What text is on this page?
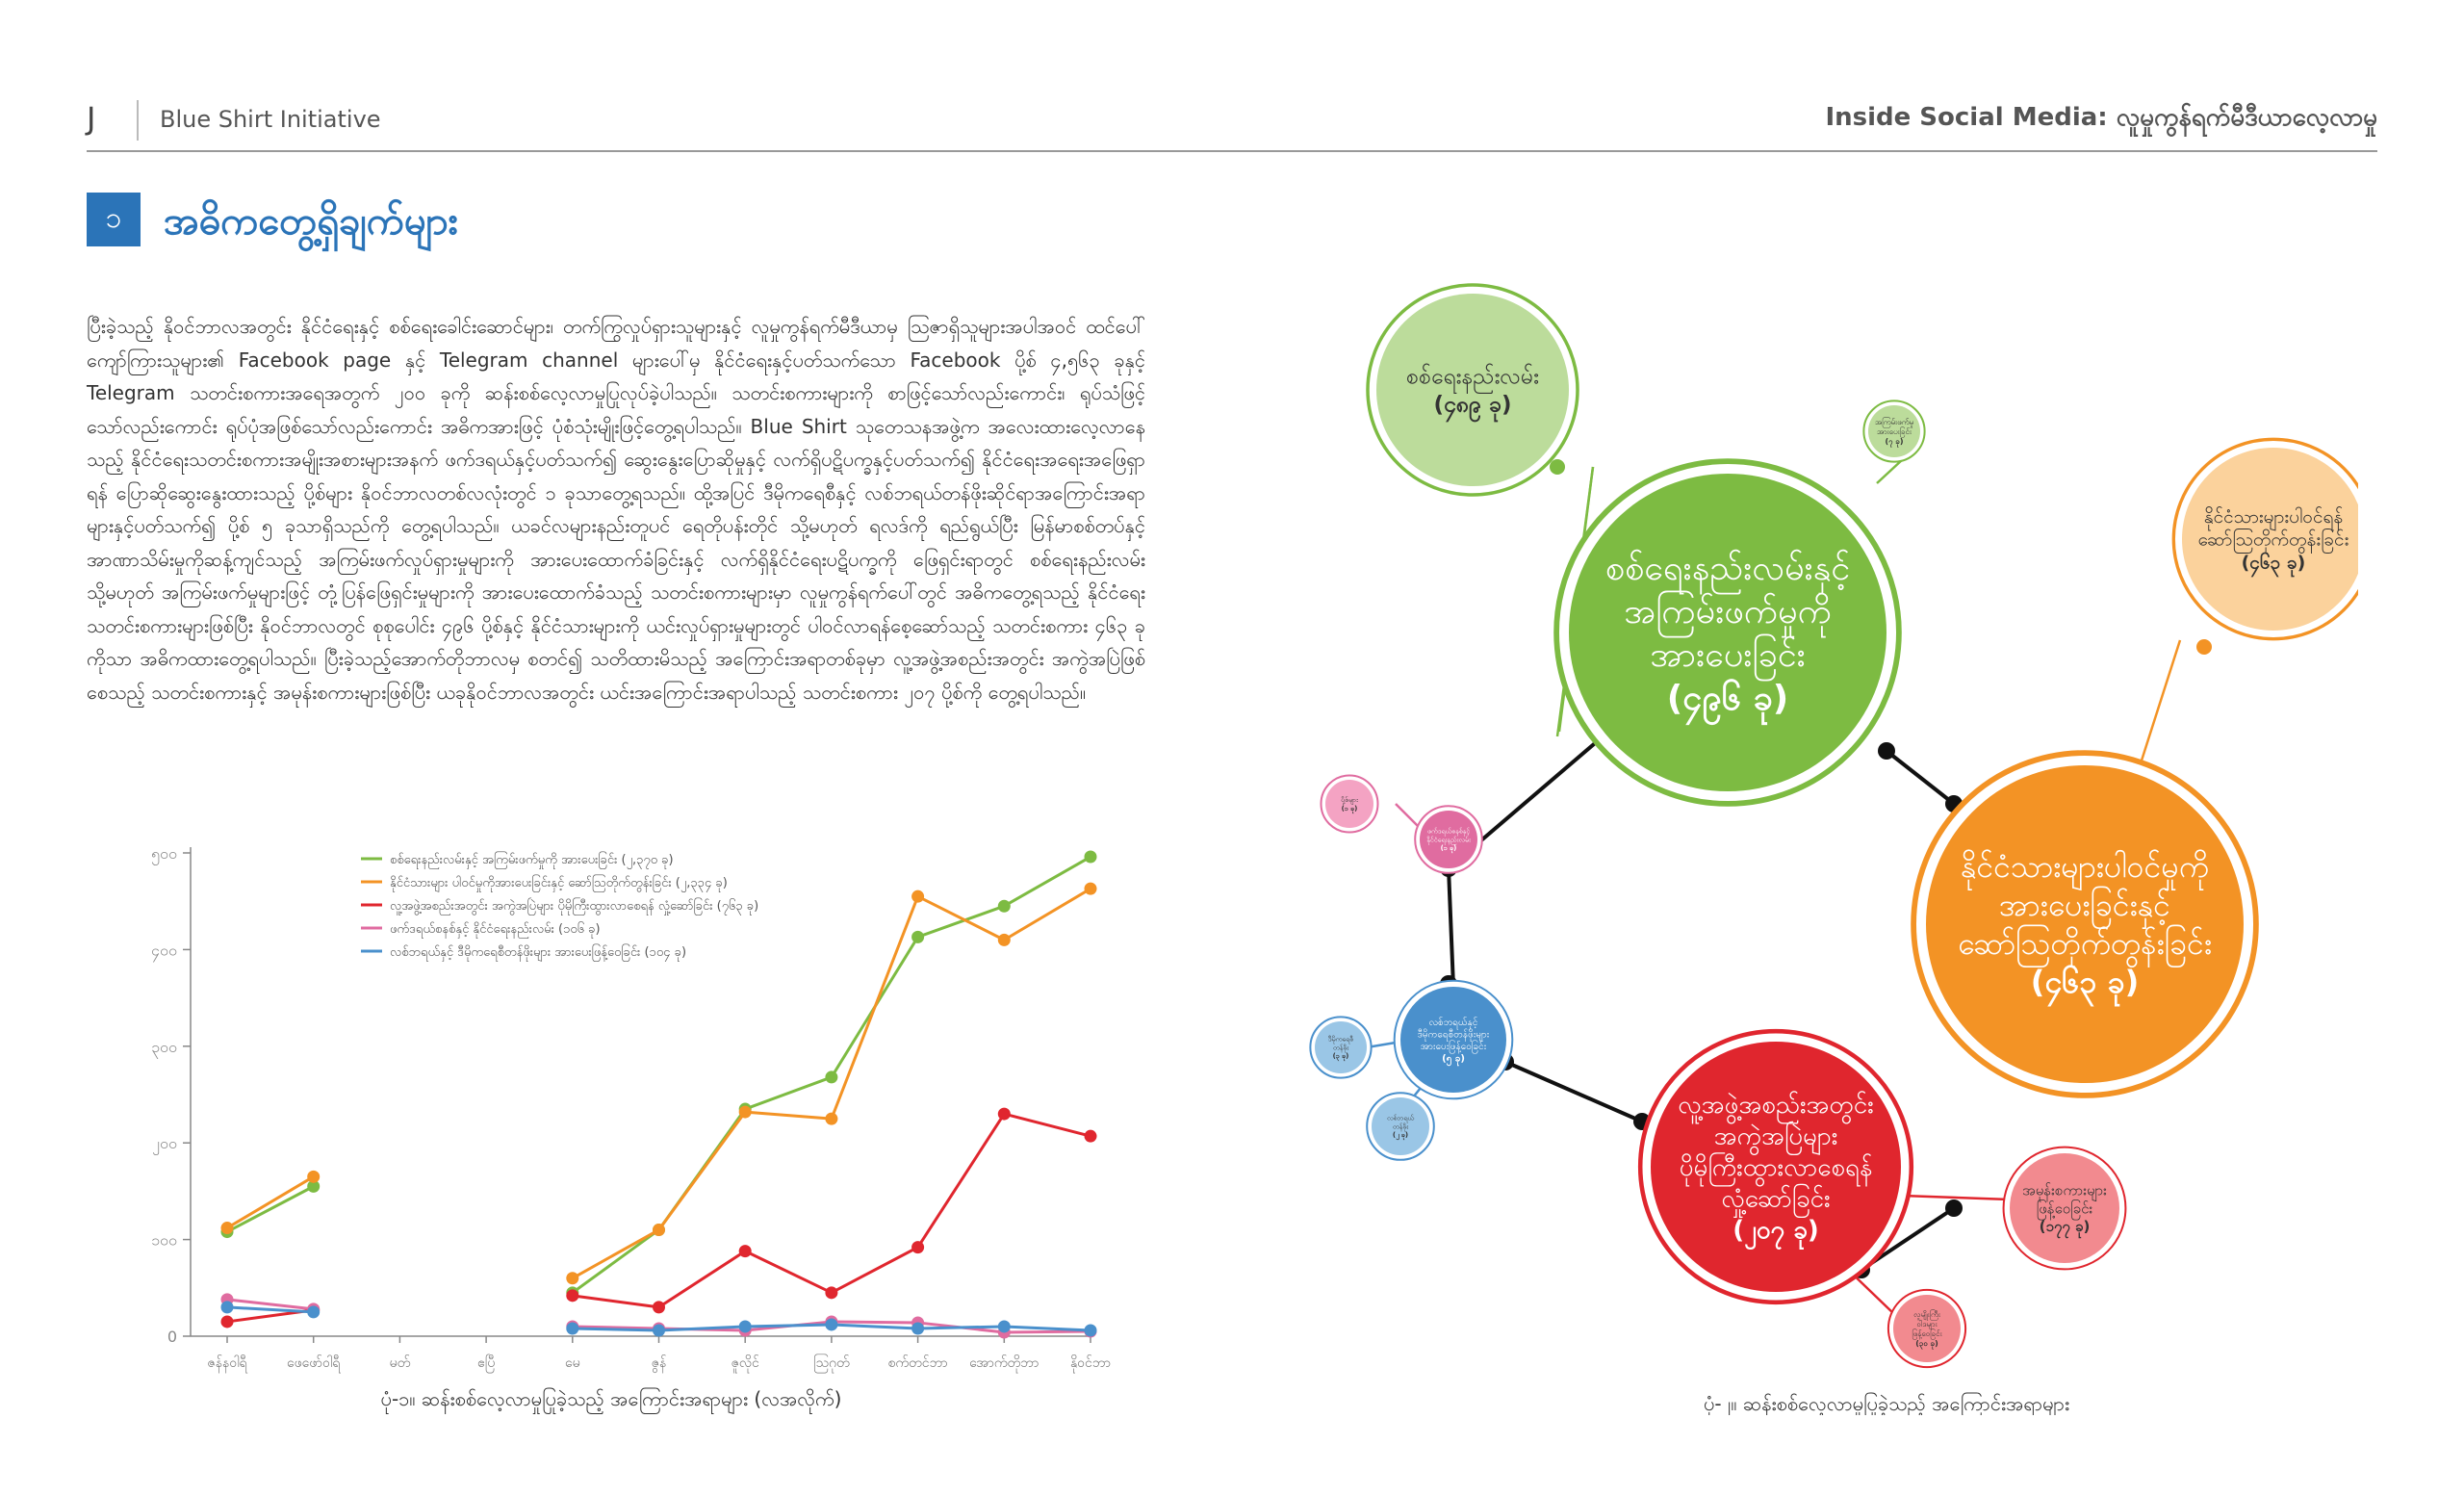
J	Blue Shirt Initiative	Inside Social Media: လူမှုကွန်ရက်မီဒီယာလေ့လာမှု
၁ အဓိကတွေ့ရှိချက်များ

ပြီးခဲ့သည့် နိုဝင်ဘာလအတွင်း နိုင်ငံရေးနှင့် စစ်ရေးခေါင်းဆောင်များ၊ တက်ကြွလှုပ်ရှားသူများနှင့် လူမှုကွန်ရက်မီဒီယာမှ ဩဇာရှိသူများအပါအဝင် ထင်ပေါ်ကျော်ကြားသူများ၏ Facebook page နှင့် Telegram channel များပေါ်မှ နိုင်ငံရေးနှင့်ပတ်သက်သော Facebook ပို့စ် ၄,၅၆၃ ခုနှင့် Telegram သတင်းစကားအရေအတွက် ၂၀၀ ခုကို ဆန်းစစ်လေ့လာမှုပြုလုပ်ခဲ့ပါသည်။ သတင်းစကားများကို စာဖြင့်သော်လည်းကောင်း၊ ရုပ်သံဖြင့်သော်လည်းကောင်း ရုပ်ပုံအဖြစ်သော်လည်းကောင်း အဓိကအားဖြင့် ပုံစံသုံးမျိုးဖြင့်တွေ့ရပါသည်။ Blue Shirt သုတေသနအဖွဲ့က အလေးထားလေ့လာနေသည့် နိုင်ငံရေးသတင်းစကားအမျိုးအစားများအနက် ဖက်ဒရယ်နှင့်ပတ်သက်၍ ဆွေးနွေးပြောဆိုမှုနှင့် လက်ရှိပဋိပက္ခနှင့်ပတ်သက်၍ နိုင်ငံရေးအရေးအဖြေရှာရန် ပြောဆိုဆွေးနွေးထားသည့် ပို့စ်များ နိုဝင်ဘာလတစ်လလုံးတွင် ၁ ခုသာတွေ့ရသည်။ ထို့အပြင် ဒီမိုကရေစီနှင့် လစ်ဘရယ်တန်ဖိုးဆိုင်ရာအကြောင်းအရာများနှင့်ပတ်သက်၍ ပို့စ် ၅ ခုသာရှိသည်ကို တွေ့ရပါသည်။ ယခင်လများနည်းတူပင် ရေတိုပန်းတိုင် သို့မဟုတ် ရလဒ်ကို ရည်ရွယ်ပြီး မြန်မာစစ်တပ်နှင့် အာဏာသိမ်းမှုကိုဆန့်ကျင်သည့် အကြမ်းဖက်လှုပ်ရှားမှုများကို အားပေးထောက်ခံခြင်းနှင့် လက်ရှိနိုင်ငံရေးပဋိပက္ခကို ဖြေရှင်းရာတွင် စစ်ရေးနည်းလမ်း သို့မဟုတ် အကြမ်းဖက်မှုများဖြင့် တုံ့ပြန်ဖြေရှင်းမှုများကို အားပေးထောက်ခံသည့် သတင်းစကားများမှာ လူမှုကွန်ရက်ပေါ်တွင် အဓိကတွေ့ရသည့် နိုင်ငံရေးသတင်းစကားများဖြစ်ပြီး နိုဝင်ဘာလတွင် စုစုပေါင်း ၄၉၆ ပို့စ်နှင့် နိုင်ငံသားများကို ယင်းလှုပ်ရှားမှုများတွင် ပါဝင်လာရန်စေ့ဆော်သည့် သတင်းစကား ၄၆၃ ခုကိုသာ အဓိကထားတွေ့ရပါသည်။ ပြီးခဲ့သည့်အောက်တိုဘာလမှ စတင်၍ သတိထားမိသည့် အကြောင်းအရာတစ်ခုမှာ လူ့အဖွဲ့အစည်းအတွင်း အကွဲအပြဲဖြစ်စေသည့် သတင်းစကားနှင့် အမုန်းစကားများဖြစ်ပြီး ယခုနိုဝင်ဘာလအတွင်း ယင်းအကြောင်းအရာပါသည့် သတင်းစကား ၂၀၇ ပို့စ်ကို တွေ့ရပါသည်။

0
၁၀၀
၂၀၀
၃၀၀
၄၀၀
၅၀၀
ဇန်နဝါရီ	ဖေဖော်ဝါရီ	မတ်	ဧပြီ	မေ	ဇွန်	ဇူလိုင်	ဩဂုတ်	စက်တင်ဘာ အောက်တိုဘာ နိုဝင်ဘာ
စစ်ရေးနည်းလမ်းနှင့် အကြမ်းဖက်မှုကို အားပေးခြင်း (၂,၃၇၀ ခု)
နိုင်ငံသားများ ပါဝင်မှုကိုအားပေးခြင်းနှင့် ဆော်ဩတိုက်တွန်းခြင်း (၂,၃၃၄ ခု)
လူ့အဖွဲ့အစည်းအတွင်း အကွဲအပြဲများ ပိုမိုကြီးထွားလာစေရန် လှုံ့ဆော်ခြင်း (၇၆၃ ခု)
ဖက်ဒရယ်စနစ်နှင့် နိုင်ငံရေးနည်းလမ်း (၁၀၆ ခု)
လစ်ဘရယ်နှင့် ဒီမိုကရေစီတန်ဖိုးများ အားပေးဖြန့်ဝေခြင်း (၁၀၄ ခု)
ပုံ-၁။ ဆန်းစစ်လေ့လာမှုပြုခဲ့သည့် အကြောင်းအရာများ (လအလိုက်)
စစ်ရေးနည်းလမ်း
(၄၈၉ ခု)
အကြမ်းဖက်မှု
အားပေးခြင်း
(၇ ခု)
စစ်ရေးနည်းလမ်းနှင့်
အကြမ်းဖက်မှုကို
အားပေးခြင်း
(၄၉၆ ခု)
နိုင်ငံသားများပါဝင်ရန်
ဆော်ဩတိုက်တွန်းခြင်း
(၄၆၃ ခု)
နိုင်ငံသားများပါဝင်မှုကို
အားပေးခြင်းနှင့်
ဆော်ဩတိုက်တွန်းခြင်း
(၄၆၃ ခု)
ပို့စ်များ
(၁ ခု)
ဖက်ဒရယ်စနစ်နှင့်
နိုင်ငံရေးနည်းလမ်း
(၁ ခု)
လစ်ဘရယ်နှင့်
ဒီမိုကရေစီတန်ဖိုးများ
အားပေးဖြန့်ဝေခြင်း
(၅ ခု)
ဒီမိုကရေစီ
တန်ဖိုး
(၃ ခု)
လစ်ဘရယ်
တန်ဖိုး
(၂ ခု)
လူ့အဖွဲ့အစည်းအတွင်း
အကွဲအပြဲများ
ပိုမိုကြီးထွားလာစေရန်
လှုံ့ဆော်ခြင်း
(၂၀၇ ခု)
အမုန်းစကားများ
ဖြန့်ဝေခြင်း
(၁၇၇ ခု)
လူမျိုးကြီး
ဝါဒများ
ဖြန့်ဝေခြင်း
(၃၀ ခု)
ပုံ-၂။ ဆန်းစစ်လေ့လာမှုပြုခဲ့သည့် အကြောင်းအရာများ
